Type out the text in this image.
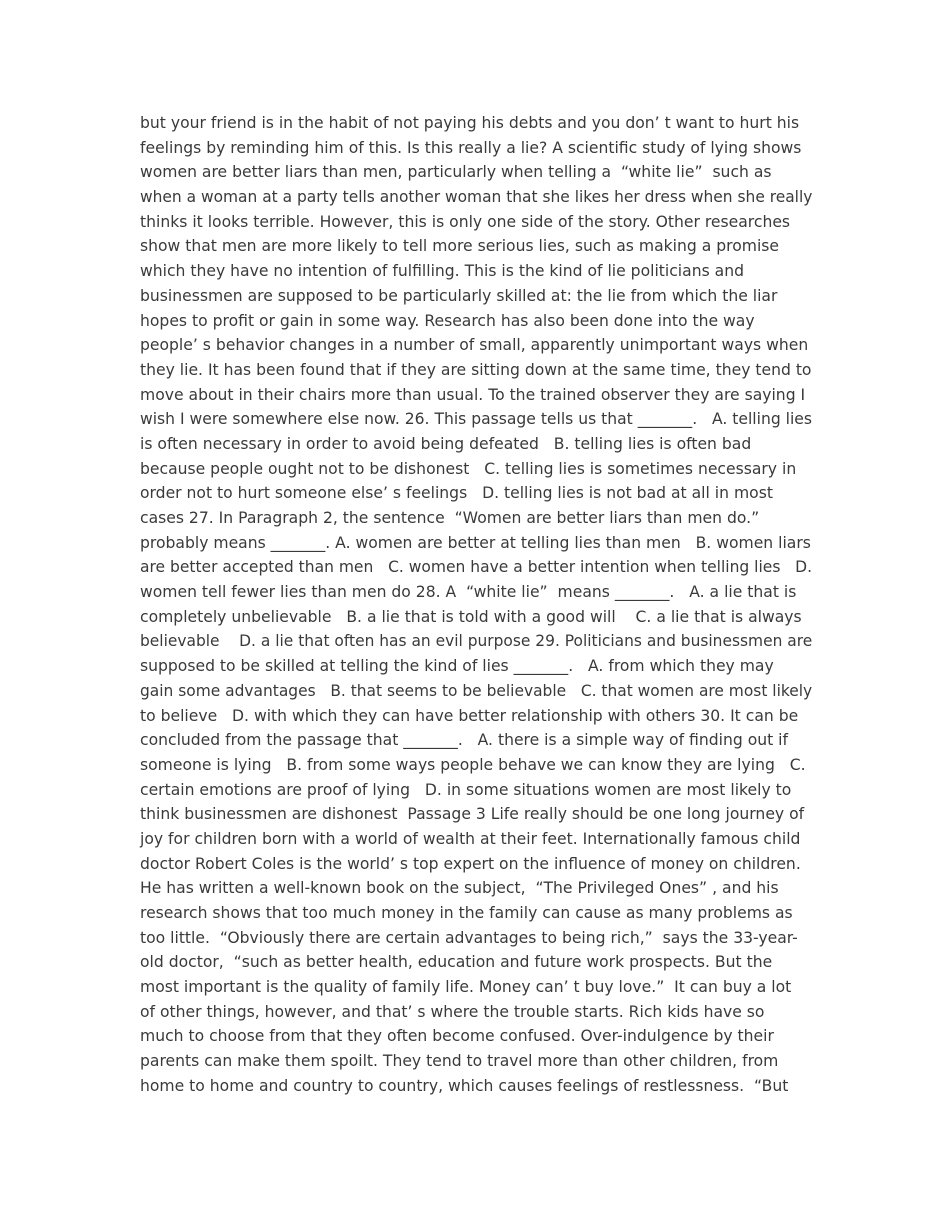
but your friend is in the habit of not paying his debts and you don’ t want to hurt his
feelings by reminding him of this. Is this really a lie? A scientific study of lying shows
women are better liars than men, particularly when telling a  “white lie”  such as
when a woman at a party tells another woman that she likes her dress when she really
thinks it looks terrible. However, this is only one side of the story. Other researches
show that men are more likely to tell more serious lies, such as making a promise
which they have no intention of fulfilling. This is the kind of lie politicians and
businessmen are supposed to be particularly skilled at: the lie from which the liar
hopes to profit or gain in some way. Research has also been done into the way
people’ s behavior changes in a number of small, apparently unimportant ways when
they lie. It has been found that if they are sitting down at the same time, they tend to
move about in their chairs more than usual. To the trained observer they are saying I
wish I were somewhere else now. 26. This passage tells us that _______.   A. telling lies
is often necessary in order to avoid being defeated   B. telling lies is often bad
because people ought not to be dishonest   C. telling lies is sometimes necessary in
order not to hurt someone else’ s feelings   D. telling lies is not bad at all in most
cases 27. In Paragraph 2, the sentence  “Women are better liars than men do.”
probably means _______. A. women are better at telling lies than men   B. women liars
are better accepted than men   C. women have a better intention when telling lies   D.
women tell fewer lies than men do 28. A  “white lie”  means _______.   A. a lie that is
completely unbelievable   B. a lie that is told with a good will    C. a lie that is always
believable    D. a lie that often has an evil purpose 29. Politicians and businessmen are
supposed to be skilled at telling the kind of lies _______.   A. from which they may
gain some advantages   B. that seems to be believable   C. that women are most likely
to believe   D. with which they can have better relationship with others 30. It can be
concluded from the passage that _______.   A. there is a simple way of finding out if
someone is lying   B. from some ways people behave we can know they are lying   C.
certain emotions are proof of lying   D. in some situations women are most likely to
think businessmen are dishonest  Passage 3 Life really should be one long journey of
joy for children born with a world of wealth at their feet. Internationally famous child
doctor Robert Coles is the world’ s top expert on the influence of money on children.
He has written a well-known book on the subject,  “The Privileged Ones” , and his
research shows that too much money in the family can cause as many problems as
too little.  “Obviously there are certain advantages to being rich,”  says the 33-year-
old doctor,  “such as better health, education and future work prospects. But the
most important is the quality of family life. Money can’ t buy love.”  It can buy a lot
of other things, however, and that’ s where the trouble starts. Rich kids have so
much to choose from that they often become confused. Over-indulgence by their
parents can make them spoilt. They tend to travel more than other children, from
home to home and country to country, which causes feelings of restlessness.  “But
